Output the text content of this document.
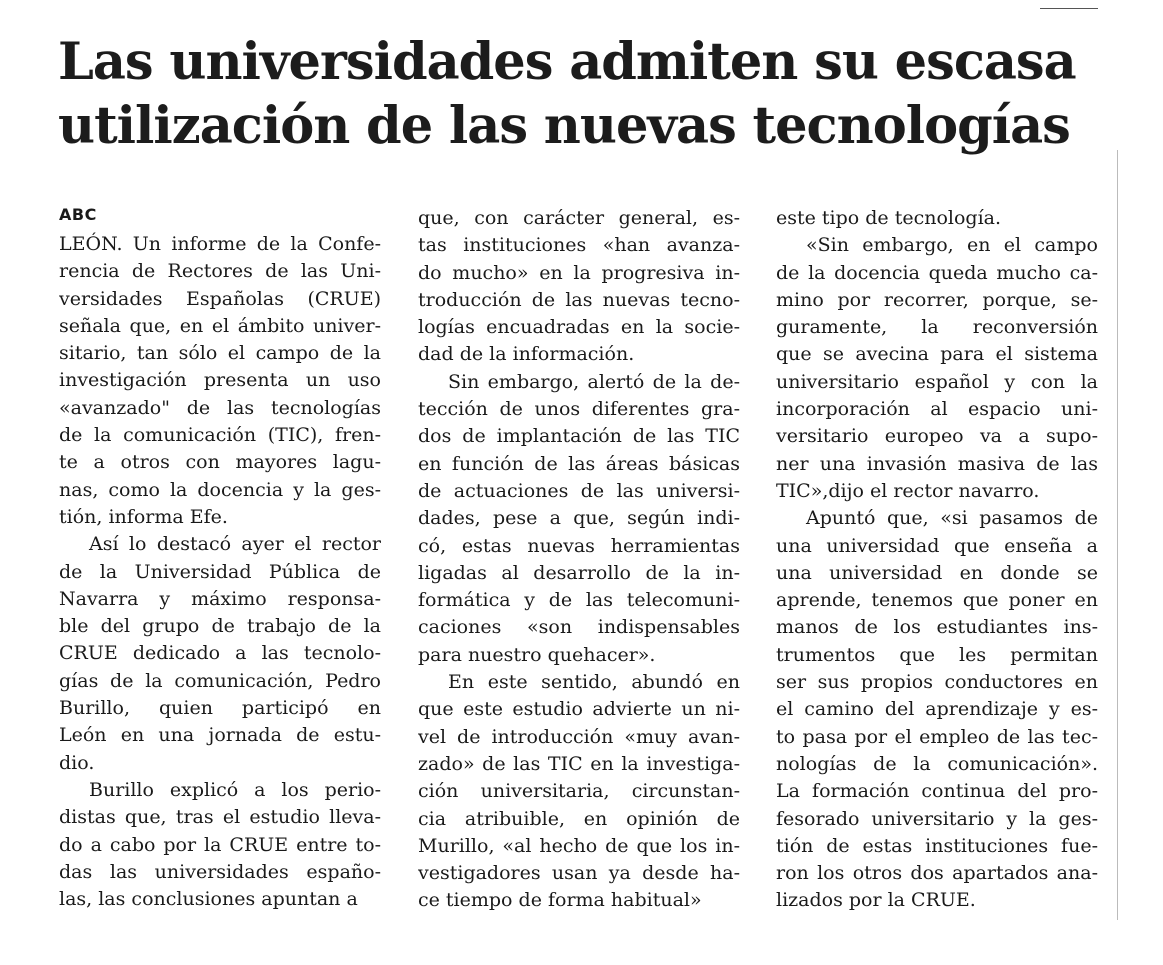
Las universidades admiten su escasa
utilización de las nuevas tecnologías
ABC

LEÓN. Un informe de la Confe-
rencia de Rectores de las Uni-
versidades Españolas (CRUE)
señala que, en el ámbito univer-
sitario, tan sólo el campo de la
investigación presenta un uso
«avanzado" de las tecnologías
de la comunicación (TIC), fren-
te a otros con mayores lagu-
nas, como la docencia y la ges-
tión, informa Efe.

Así lo destacó ayer el rector
de la Universidad Pública de
Navarra y máximo responsa-
ble del grupo de trabajo de la
CRUE dedicado a las tecnolo-
gías de la comunicación, Pedro
Burillo, quien participó en
León en una jornada de estu-
dio.

Burillo explicó a los perio-
distas que, tras el estudio lleva-
do a cabo por la CRUE entre to-
das las universidades españo-
las, las conclusiones apuntan a

que, con carácter general, es-
tas instituciones «han avanza-
do mucho» en la progresiva in-
troducción de las nuevas tecno-
logías encuadradas en la socie-
dad de la información.

Sin embargo, alertó de la de-
tección de unos diferentes gra-
dos de implantación de las TIC
en función de las áreas básicas
de actuaciones de las universi-
dades, pese a que, según indi-
có, estas nuevas herramientas
ligadas al desarrollo de la in-
formática y de las telecomuni-
caciones «son indispensables
para nuestro quehacer».

En este sentido, abundó en
que este estudio advierte un ni-
vel de introducción «muy avan-
zado» de las TIC en la investiga-
ción universitaria, circunstan-
cia atribuible, en opinión de
Murillo, «al hecho de que los in-
vestigadores usan ya desde ha-
ce tiempo de forma habitual»

este tipo de tecnología.

«Sin embargo, en el campo
de la docencia queda mucho ca-
mino por recorrer, porque, se-
guramente, la reconversión
que se avecina para el sistema
universitario español y con la
incorporación al espacio uni-
versitario europeo va a supo-
ner una invasión masiva de las
TIC»,dijo el rector navarro.

Apuntó que, «si pasamos de
una universidad que enseña a
una universidad en donde se
aprende, tenemos que poner en
manos de los estudiantes ins-
trumentos que les permitan
ser sus propios conductores en
el camino del aprendizaje y es-
to pasa por el empleo de las tec-
nologías de la comunicación».
La formación continua del pro-
fesorado universitario y la ges-
tión de estas instituciones fue-
ron los otros dos apartados ana-
lizados por la CRUE.
